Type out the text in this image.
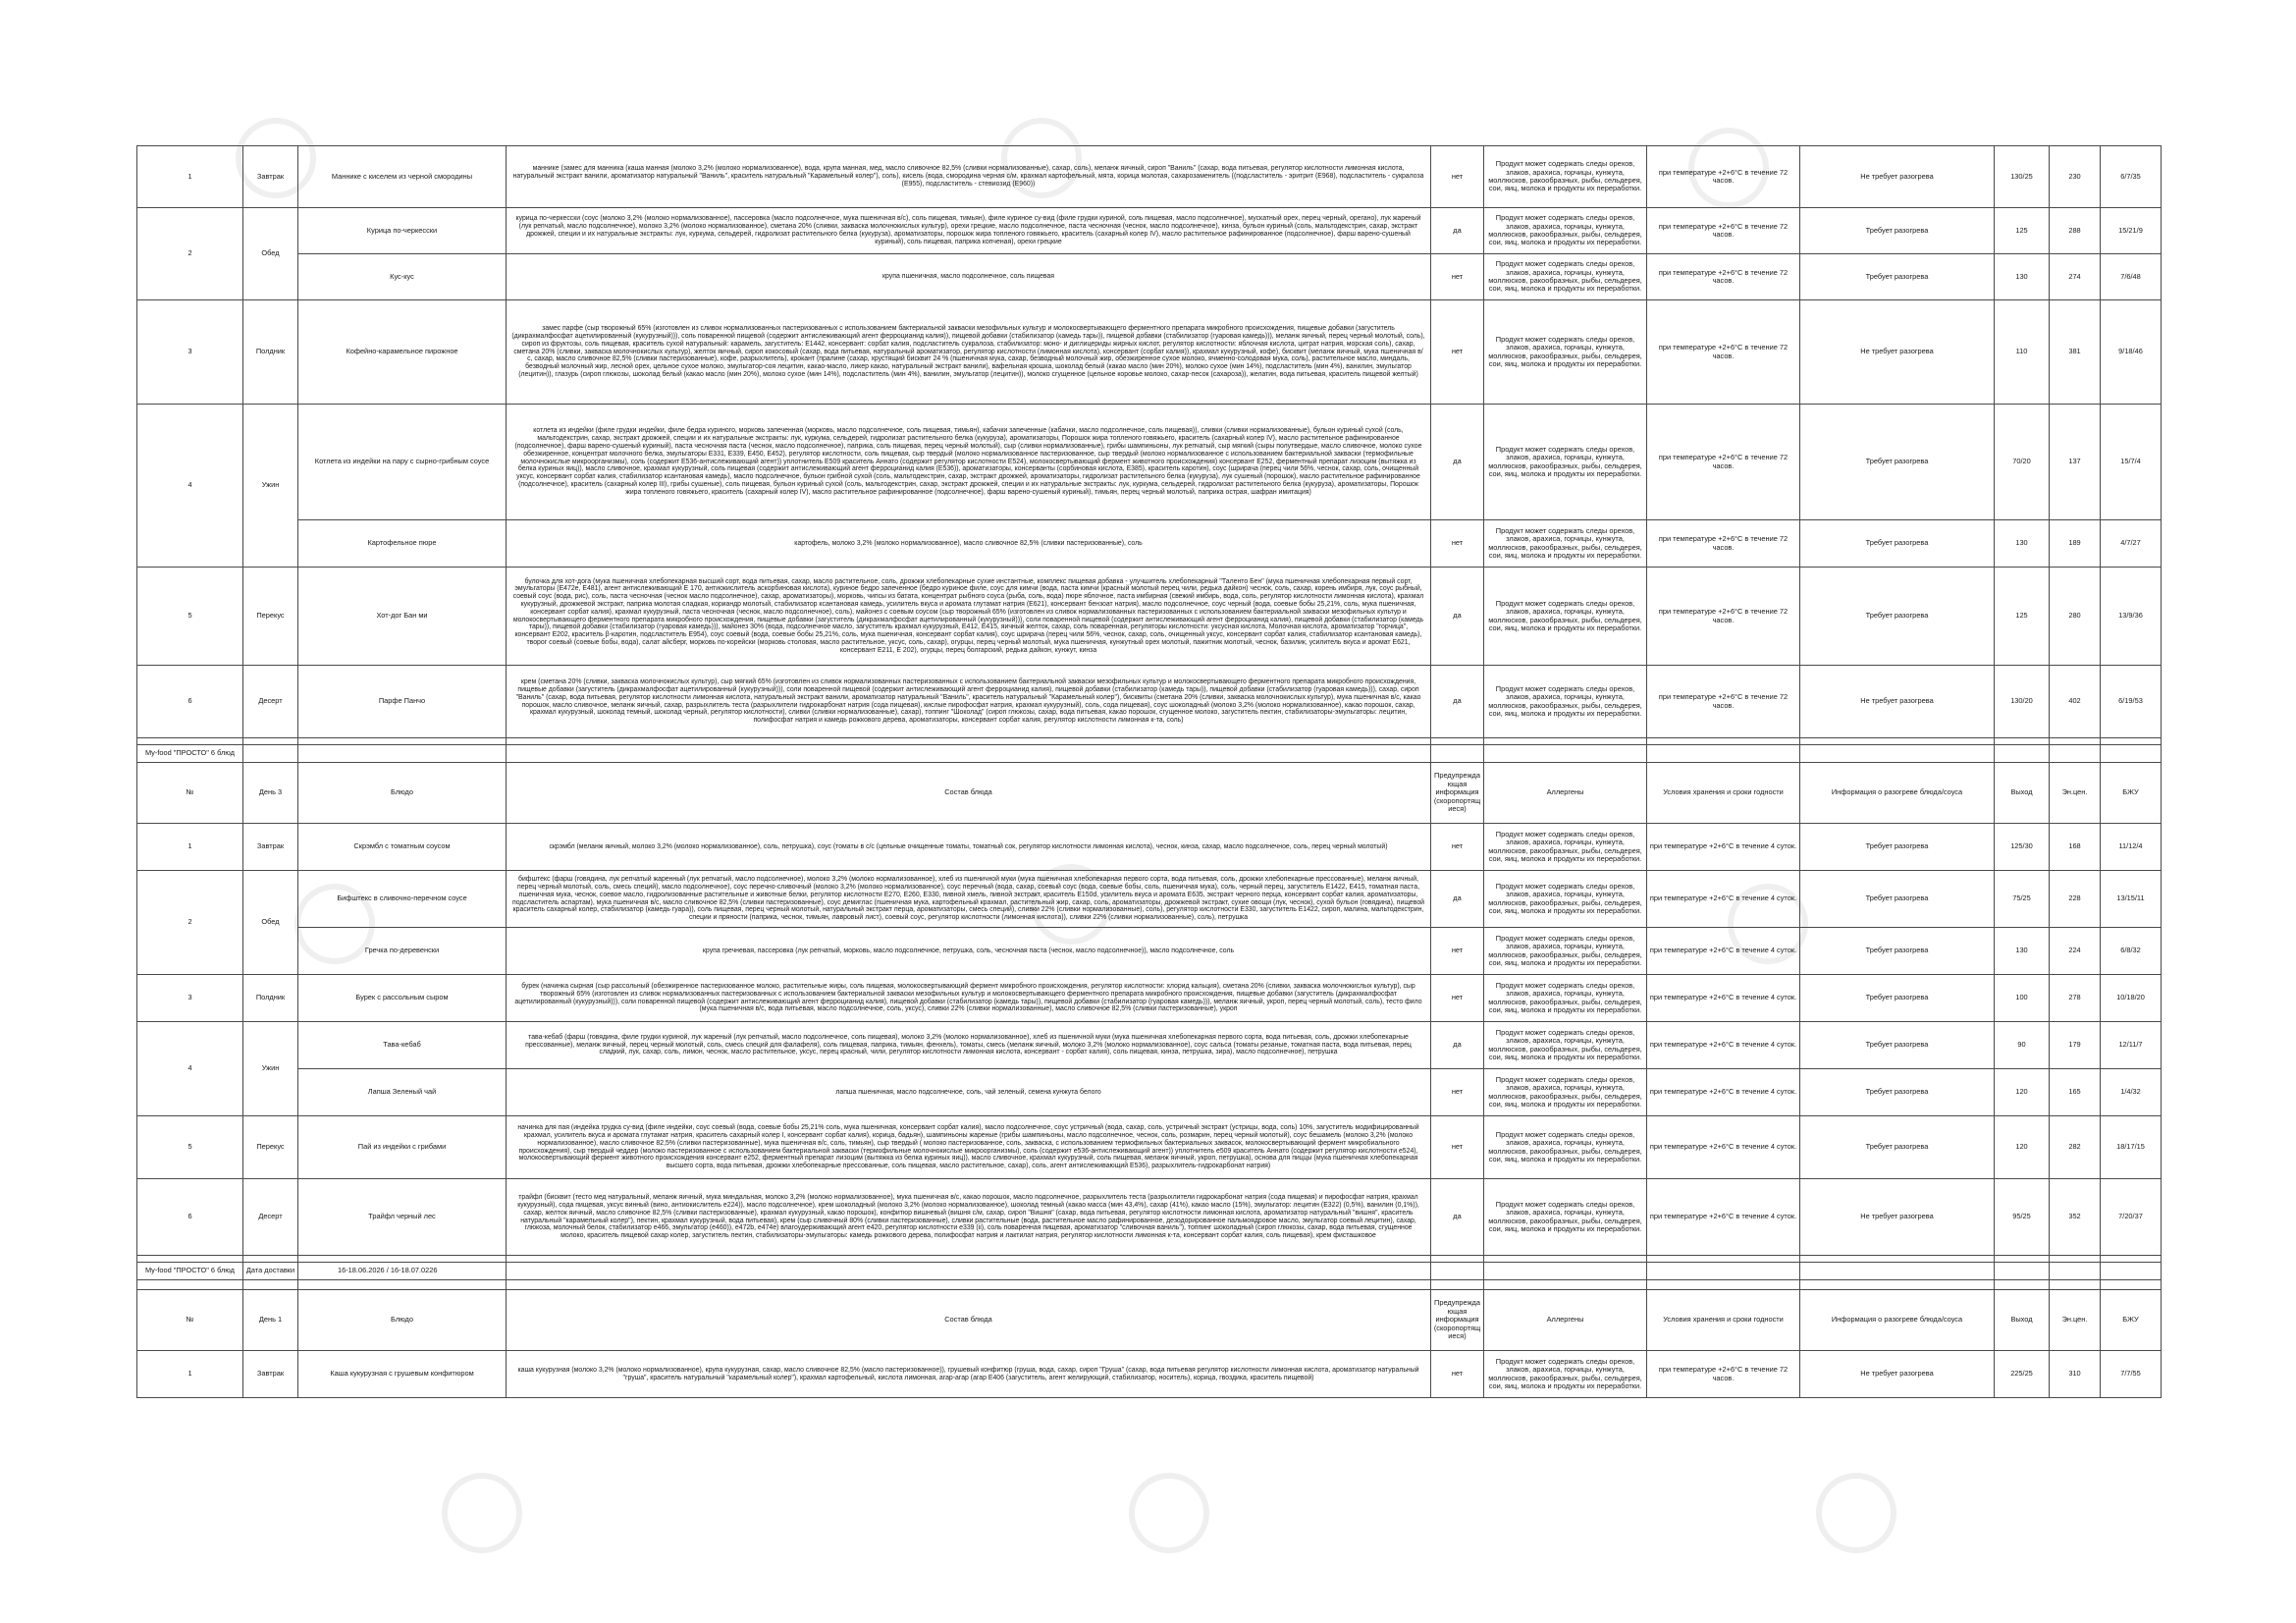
1	Завтрак	Маннике с киселем из черной смородины	маннике (замес для манника (каша манная (молоко 3,2% (молоко нормализованное), вода, крупа манная, мед, масло сливочное 82,5% (сливки нормализованные), сахар, соль), меланж яичный, сироп "Ваниль" (сахар, вода питьевая, регулятор кислотности лимонная кислота, натуральный экстракт ванили, ароматизатор натуральный "Ваниль", краситель натуральный "Карамельный колер"), соль), кисель (вода, смородина черная с/м, крахмал картофельный, мята, корица молотая, сахарозаменитель ((подсластитель - эритрит (Е968), подсластитель - сукралоза (Е955), подсластитель - стевиозид (Е960))	нет	Продукт может содержать следы орехов, злаков, арахиса, горчицы, кунжута, моллюсков, ракообразных, рыбы, сельдерея, сои, яиц, молока и продукты их переработки.	при температуре +2+6°C в течение 72 часов.	Не требует разогрева	130/25	230	6/7/35
2	Обед	Курица по-черкесски	курица по-черкесски (соус (молоко 3,2% (молоко нормализованное), пассеровка (масло подсолнечное, мука пшеничная в/с), соль пищевая, тимьян), филе куриное су-вид (филе грудки куриной, соль пищевая, масло подсолнечное), мускатный орех, перец черный, орегано), лук жареный (лук репчатый, масло подсолнечное), молоко 3,2% (молоко нормализованное), сметана 20% (сливки, закваска молочнокислых культур), орехи грецкие, масло подсолнечное, паста чесночная (чеснок, масло подсолнечное), кинза, бульон куриный (соль, мальтодекстрин, сахар, экстракт дрожжей, специи и их натуральные экстракты: лук, куркума, сельдерей, гидролизат растительного белка (кукуруза), ароматизаторы, порошок жира топленого говяжьего, краситель (сахарный колер IV), масло растительное рафинированное (подсолнечное), фарш варено-сушеный куриный), соль пищевая, паприка копченая), орехи грецкие	да	Продукт может содержать следы орехов, злаков, арахиса, горчицы, кунжута, моллюсков, ракообразных, рыбы, сельдерея, сои, яиц, молока и продукты их переработки.	при температуре +2+6°C в течение 72 часов.	Требует разогрева	125	288	15/21/9
		Кус-кус	крупа пшеничная, масло подсолнечное, соль пищевая	нет	Продукт может содержать следы орехов, злаков, арахиса, горчицы, кунжута, моллюсков, ракообразных, рыбы, сельдерея, сои, яиц, молока и продукты их переработки.	при температуре +2+6°C в течение 72 часов.	Требует разогрева	130	274	7/6/48
3	Полдник	Кофейно-карамельное пирожное	замес парфе (сыр творожный 65% (изготовлен из сливок нормализованных пастеризованных с использованием бактериальной закваски мезофильных культур и молокосвертывающего ферментного препарата микробного происхождения, пищевые добавки (загуститель (дикрахмалфосфат ацетилированный (кукурузный))), соль поваренной пищевой (содержит антислеживающий агент ферроцианид калия)), пищевой добавки (стабилизатор (камедь тары)), пищевой добавки (стабилизатор (гуаровая камедь))), меланж яичный, перец черный молотый, соль), сироп из фруктозы, соль пищевая, краситель сухой натуральный: карамель, загуститель: E1442, консервант: сорбат калия, подсластитель сукралоза, стабилизатор: моно- и диглицериды жирных кислот, регулятор кислотности: яблочная кислота, цитрат натрия, морская соль), сахар, сметана 20% (сливки, закваска молочнокислых культур), желток яичный, сироп кокосовый (сахар, вода питьевая, натуральный ароматизатор, регулятор кислотности (лимонная кислота), консервант (сорбат калия)), крахмал кукурузный, кофе), бисквит (меланж яичный, мука пшеничная в/с, сахар, масло сливочное 82,5% (сливки пастеризованные), кофе, разрыхлитель), крокант (пралине (сахар, хрустящий бисквит 24 % (пшеничная мука, сахар, безводный молочный жир, обезжиренное сухое молоко, ячменно-солодовая мука, соль), растительное масло, миндаль, безводный молочный жир, лесной орех, цельное сухое молоко, эмульгатор-соя лецитин, какао-масло, ликер какао, натуральный экстракт ванили), вафельная крошка, шоколад белый (какао масло (мин 20%), молоко сухое (мин 14%), подсластитель (мин 4%), ванилин, эмульгатор (лецитин)), глазурь (сироп глюкозы, шоколад белый (какао масло (мин 20%), молоко сухое (мин 14%), подсластитель (мин 4%), ванилин, эмульгатор (лецитин)), молоко сгущенное (цельное коровье молоко, сахар-песок (сахароза)), желатин, вода питьевая, краситель пищевой желтый)	нет	Продукт может содержать следы орехов, злаков, арахиса, горчицы, кунжута, моллюсков, ракообразных, рыбы, сельдерея, сои, яиц, молока и продукты их переработки.	при температуре +2+6°C в течение 72 часов.	Не требует разогрева	110	381	9/18/46
4	Ужин	Котлета из индейки на пару с сырно-грибным соусе	котлета из индейки (филе грудки индейки, филе бедра куриного, морковь запеченная (морковь, масло подсолнечное, соль пищевая, тимьян), кабачки запеченные (кабачки, масло подсолнечное, соль пищевая)), сливки (сливки нормализованные), бульон куриный сухой (соль, мальтодекстрин, сахар, экстракт дрожжей, специи и их натуральные экстракты: лук, куркума, сельдерей, гидролизат растительного белка (кукуруза), ароматизаторы, Порошок жира топленого говяжьего, краситель (сахарный колер IV), масло растительное рафинированное (подсолнечное), фарш варено-сушеный куриный), паста чесночная паста (чеснок, масло подсолнечное), паприка, соль пищевая, перец черный молотый), сыр (сливки нормализованные), грибы шампиньоны, лук репчатый, сыр мягкий (сыры полутвердые, масло сливочное, молоко сухое обезжиренное, концентрат молочного белка, эмульгаторы E331, E339, E450, E452), регулятор кислотности, соль пищевая, сыр твердый (молоко нормализованное пастеризованное, сыр твердый (молоко нормализованное с использованием бактериальной закваски (термофильные молочнокислые микроорганизмы), соль (содержит E536-антислеживающий агент)) уплотнитель E509 краситель Аннато (содержит регулятор кислотности E524), молокосвертывающий фермент животного происхождения) консервант E252, ферментный препарат лизоцим (вытяжка из белка куриных яиц)), масло сливочное, крахмал кукурузный, соль пищевая (содержит антислеживающий агент ферроцианид калия (E536)), ароматизаторы, консерванты (сорбиновая кислота, E385), краситель каротин), соус (шрирача (перец чили 56%, чеснок, сахар, соль, очищенный уксус, консервант сорбат калия, стабилизатор ксантановая камедь), масло подсолнечное, бульон грибной сухой (соль, мальтодекстрин, сахар, экстракт дрожжей, ароматизаторы, гидролизат растительного белка (кукуруза), лук сушеный (порошок), масло растительное рафинированное (подсолнечное), краситель (сахарный колер III), грибы сушеные), соль пищевая, бульон куриный сухой (соль, мальтодекстрин, сахар, экстракт дрожжей, специи и их натуральные экстракты: лук, куркума, сельдерей, гидролизат растительного белка (кукуруза), ароматизаторы, Порошок жира топленого говяжьего, краситель (сахарный колер IV), масло растительное рафинированное (подсолнечное), фарш варено-сушеный куриный), тимьян, перец черный молотый, паприка острая, шафран имитация)	да	Продукт может содержать следы орехов, злаков, арахиса, горчицы, кунжута, моллюсков, ракообразных, рыбы, сельдерея, сои, яиц, молока и продукты их переработки.	при температуре +2+6°C в течение 72 часов.	Требует разогрева	70/20	137	15/7/4
		Картофельное пюре	картофель, молоко 3,2% (молоко нормализованное), масло сливочное 82,5% (сливки пастеризованные), соль	нет	Продукт может содержать следы орехов, злаков, арахиса, горчицы, кунжута, моллюсков, ракообразных, рыбы, сельдерея, сои, яиц, молока и продукты их переработки.	при температуре +2+6°C в течение 72 часов.	Требует разогрева	130	189	4/7/27
5	Перекус	Хот-дог Бан ми	булочка для хот-дога (мука пшеничная хлебопекарная высший сорт, вода питьевая, сахар, масло растительное, соль, дрожжи хлебопекарные сухие инстантные, комплекс пищевая добавка - улучшитель хлебопекарный "Таленто Бен" (мука пшеничная хлебопекарная первый сорт, эмульгаторы (E472e, E481), агент антислеживающий E 170, антиокислитель аскорбиновая кислота), куриное бедро запеченное (бедро куриное филе, соус для кимчи (вода, паста кимчи (красный молотый перец чили, редька дайкон) чеснок, соль, сахар, корень имбиря, лук, соус рыбный, соевый соус (вода, рис), соль, паста чесночная (чеснок масло подсолнечное), сахар, ароматизаторы), морковь, чипсы из батата, концентрат рыбного соуса (рыба, соль, вода) пюре яблочное, паста имбирная (свежий имбирь, вода, соль, регулятор кислотности лимонная кислота), крахмал кукурузный, дрожжевой экстракт, паприка молотая сладкая, кориандр молотый, стабилизатор ксантановая камедь, усилитель вкуса и аромата глутамат натрия (E621), консервант бензоат натрия), масло подсолнечное, соус черный (вода, соевые бобы 25,21%, соль, мука пшеничная, консервант сорбат калия), крахмал кукурузный, паста чесночная (чеснок, масло подсолнечное), соль), майонез с соевым соусом (сыр творожный 65% (изготовлен из сливок нормализованных пастеризованных с использованием бактериальной закваски мезофильных культур и молокосвертывающего ферментного препарата микробного происхождения, пищевые добавки (загуститель (дикрахмалфосфат ацетилированный (кукурузный))), соли поваренной пищевой (содержит антислеживающий агент ферроцианид калия), пищевой добавки (стабилизатор (камедь тары)), пищевой добавки (стабилизатор (гуаровая камедь))), майонез 30% (вода, подсолнечное масло, загуститель крахмал кукурузный, E412, E415, яичный желток, сахар, соль поваренная, регуляторы кислотности: уксусная кислота, Молочная кислота, ароматизатор "горчица", консервант E202, краситель β-каротин, подсластитель E954), соус соевый (вода, соевые бобы 25,21%, соль, мука пшеничная, консервант сорбат калия), соус шрирача (перец чили 56%, чеснок, сахар, соль, очищенный уксус, консервант сорбат калия, стабилизатор ксантановая камедь), творог соевый (соевые бобы, вода), салат айсберг, морковь по-корейски (морковь столовая, масло растительное, уксус, соль, сахар), огурцы, перец черный молотый, мука пшеничная, кунжутный орех молотый, пажитник молотый, чеснок, базилик, усилитель вкуса и аромат E621, консервант E211, E 202), огурцы, перец болгарский, редька дайкон, кунжут, кинза	да	Продукт может содержать следы орехов, злаков, арахиса, горчицы, кунжута, моллюсков, ракообразных, рыбы, сельдерея, сои, яиц, молока и продукты их переработки.	при температуре +2+6°C в течение 72 часов.	Требует разогрева	125	280	13/9/36
6	Десерт	Парфе Панчо	крем (сметана 20% (сливки, закваска молочнокислых культур), сыр мягкий 65% (изготовлен из сливок нормализованных пастеризованных с использованием бактериальной закваски мезофильных культур и молокосвертывающего ферментного препарата микробного происхождения, пищевые добавки (загуститель (дикрахмалфосфат ацетилированный (кукурузный))), соли поваренной пищевой (содержит антислеживающий агент ферроцианид калия), пищевой добавки (стабилизатор (камедь тары)), пищевой добавки (стабилизатор (гуаровая камедь))), сахар, сироп "Ваниль" (сахар, вода питьевая, регулятор кислотности лимонная кислота, натуральный экстракт ванили, ароматизатор натуральный "Ваниль", краситель натуральный "Карамельный колер"), бисквиты (сметана 20% (сливки, закваска молочнокислых культур), мука пшеничная в/с, какао порошок, масло сливочное, меланж яичный, сахар, разрыхлитель теста (разрыхлители гидрокарбонат натрия (сода пищевая), кислые пирофосфат натрия, крахмал кукурузный), соль, сода пищевая), соус шоколадный (молоко 3,2% (молоко нормализованное), какао порошок, сахар, крахмал кукурузный, шоколад темный, шоколад черный, регулятор кислотности), сливки (сливки нормализованные), сахар), топпинг "Шоколад" (сироп глюкозы, сахар, вода питьевая, какао порошок, сгущенное молоко, загуститель пектин, стабилизаторы-эмульгаторы: лецитин, полифосфат натрия и камедь рожкового дерева, ароматизаторы, консервант сорбат калия, регулятор кислотности лимонная к-та, соль)	да	Продукт может содержать следы орехов, злаков, арахиса, горчицы, кунжута, моллюсков, ракообразных, рыбы, сельдерея, сои, яиц, молока и продукты их переработки.	при температуре +2+6°C в течение 72 часов.	Не требует разогрева	130/20	402	6/19/53

My-food "ПРОСТО" 6 блюд										
№	День 3	Блюдо	Состав блюда	Предупреждающая информация (скоропортящиеся)	Аллергены	Условия хранения и сроки годности	Информация о разогреве блюда/соуса	Выход	Эн.цен.	БЖУ
1	Завтрак	Скрэмбл с томатным соусом	скрэмбл (меланж яичный, молоко 3,2% (молоко нормализованное), соль, петрушка), соус (томаты в с/с (цельные очищенные томаты, томатный сок, регулятор кислотности лимонная кислота), чеснок, кинза, сахар, масло подсолнечное, соль, перец черный молотый)	нет	Продукт может содержать следы орехов, злаков, арахиса, горчицы, кунжута, моллюсков, ракообразных, рыбы, сельдерея, сои, яиц, молока и продукты их переработки.	при температуре +2+6°C в течение 4 суток.	Требует разогрева	125/30	168	11/12/4
2	Обед	Бифштекс в сливочно-перечном соусе	бифштекс (фарш (говядина, лук репчатый жаренный (лук репчатый, масло подсолнечное), молоко 3,2% (молоко нормализованное), хлеб из пшеничной муки (мука пшеничная хлебопекарная первого сорта, вода питьевая, соль, дрожжи хлебопекарные прессованные), меланж яичный, перец черный молотый, соль, смесь специй), масло подсолнечное), соус перечно-сливочный (молоко 3,2% (молоко нормализованное), соус перечный (вода, сахар, соевый соус (вода, соевые бобы, соль, пшеничная мука), соль, черный перец, загуститель E1422, E415, томатная паста, пшеничная мука, чеснок, соевое масло, гидролизованные растительные и животные белки, регулятор кислотности E270, E260, E330, пивной хмель, пивной экстракт, краситель E150d, усилитель вкуса и аромата E635, экстракт черного перца, консервант сорбат калия, ароматизаторы, подсластитель аспартам), мука пшеничная в/с, масло сливочное 82,5% (сливки пастеризованные), соус демиглас (пшеничная мука, картофельный крахмал, растительный жир, сахар, соль, ароматизаторы, дрожжевой экстракт, сухие овощи (лук, чеснок), сухой бульон (говядина), пищевой краситель сахарный колер, стабилизатор (камедь гуара)), соль пищевая, перец черный молотый, натуральный экстракт перца, ароматизаторы, смесь специй), сливки 22% (сливки нормализованные), соль), регулятор кислотности E330, загуститель E1422, сироп, малина, мальтодекстрин, специи и пряности (паприка, чеснок, тимьян, лавровый лист), соевый соус, регулятор кислотности (лимонная кислота)), сливки 22% (сливки нормализованные), соль), петрушка	да	Продукт может содержать следы орехов, злаков, арахиса, горчицы, кунжута, моллюсков, ракообразных, рыбы, сельдерея, сои, яиц, молока и продукты их переработки.	при температуре +2+6°C в течение 4 суток.	Требует разогрева	75/25	228	13/15/11
		Гречка по-деревенски	крупа гречневая, пассеровка (лук репчатый, морковь, масло подсолнечное, петрушка, соль, чесночная паста (чеснок, масло подсолнечное)), масло подсолнечное, соль	нет	Продукт может содержать следы орехов, злаков, арахиса, горчицы, кунжута, моллюсков, ракообразных, рыбы, сельдерея, сои, яиц, молока и продукты их переработки.	при температуре +2+6°C в течение 4 суток.	Требует разогрева	130	224	6/8/32
3	Полдник	Бурек с рассольным сыром	бурек (начинка сырная (сыр рассольный (обезжиренное пастеризованное молоко, растительные жиры, соль пищевая, молокосвертывающий фермент микробного происхождения, регулятор кислотности: хлорид кальция), сметана 20% (сливки, закваска молочнокислых культур), сыр творожный 65% (изготовлен из сливок нормализованных пастеризованных с использованием бактериальной закваски мезофильных культур и молокосвертывающего ферментного препарата микробного происхождения, пищевые добавки (загуститель (дикрахмалфосфат ацетилированный (кукурузный))), соли поваренной пищевой (содержит антислеживающий агент ферроцианид калия), пищевой добавки (стабилизатор (камедь тары)), пищевой добавки (стабилизатор (гуаровая камедь))), меланж яичный, укроп, перец черный молотый, соль), тесто фило (мука пшеничная в/с, вода питьевая, масло подсолнечное, соль, уксус), сливки 22% (сливки нормализованные), масло сливочное 82,5% (сливки пастеризованные), укроп	нет	Продукт может содержать следы орехов, злаков, арахиса, горчицы, кунжута, моллюсков, ракообразных, рыбы, сельдерея, сои, яиц, молока и продукты их переработки.	при температуре +2+6°C в течение 4 суток.	Требует разогрева	100	278	10/18/20
4	Ужин	Тава-кебаб	тава-кебаб (фарш (говядина, филе грудки куриной, лук жареный (лук репчатый, масло подсолнечное, соль пищевая), молоко 3,2% (молоко нормализованное), хлеб из пшеничной муки (мука пшеничная хлебопекарная первого сорта, вода питьевая, соль, дрожжи хлебопекарные прессованные), меланж яичный, перец черный молотый, соль, смесь специй для фалафеля), соль пищевая, паприка, тимьян, фенхель), томаты, смесь (меланж яичный, молоко 3,2% (молоко нормализованное), соус сальса (томаты резаные, томатная паста, вода питьевая, перец сладкий, лук, сахар, соль, лимон, чеснок, масло растительное, уксус, перец красный, чили, регулятор кислотности лимонная кислота, консервант - сорбат калия), соль пищевая, кинза, петрушка, зира), масло подсолнечное), петрушка	да	Продукт может содержать следы орехов, злаков, арахиса, горчицы, кунжута, моллюсков, ракообразных, рыбы, сельдерея, сои, яиц, молока и продукты их переработки.	при температуре +2+6°C в течение 4 суток.	Требует разогрева	90	179	12/11/7
		Лапша Зеленый чай	лапша пшеничная, масло подсолнечное, соль, чай зеленый, семена кунжута белого	нет	Продукт может содержать следы орехов, злаков, арахиса, горчицы, кунжута, моллюсков, ракообразных, рыбы, сельдерея, сои, яиц, молока и продукты их переработки.	при температуре +2+6°C в течение 4 суток.	Требует разогрева	120	165	1/4/32
5	Перекус	Пай из индейки с грибами	начинка для пая (индейка грудка су-вид (филе индейки, соус соевый (вода, соевые бобы 25,21% соль, мука пшеничная, консервант сорбат калия), масло подсолнечное, соус устричный (вода, сахар, соль, устричный экстракт (устрицы, вода, соль) 10%, загуститель модифицированный крахмал, усилитель вкуса и аромата глутамат натрия, краситель сахарный колер I, консервант сорбат калия), корица, бадьян), шампиньоны жареные (грибы шампиньоны, масло подсолнечное, чеснок, соль, розмарин, перец черный молотый), соус бешамель (молоко 3,2% (молоко нормализованное), масло сливочное 82,5% (сливки пастеризованные), мука пшеничная в/с, соль, тимьян), сыр твердый ( молоко пастеризованное, соль, закваска, с использованием термофильных бактериальных заквасок, молокосвертывающий фермент микробиального происхождения), сыр твердый чеддер (молоко пастеризованное с использованием бактериальной закваски (термофильные молочнокислые микроорганизмы), соль (содержит e536-антислеживающий агент)) уплотнитель e509 краситель Аннато (содержит регулятор кислотности e524), молокосвертывающий фермент животного происхождения консервант e252, ферментный препарат лизоцим (вытяжка из белка куриных яиц)), масло сливочное, крахмал кукурузный, соль пищевая, меланж яичный, укроп, петрушка), основа для пиццы (мука пшеничная хлебопекарная высшего сорта, вода питьевая, дрожжи хлебопекарные прессованные, соль пищевая, масло растительное, сахар), соль, агент антислеживающий Е536), разрыхлитель-гидрокарбонат натрия)	нет	Продукт может содержать следы орехов, злаков, арахиса, горчицы, кунжута, моллюсков, ракообразных, рыбы, сельдерея, сои, яиц, молока и продукты их переработки.	при температуре +2+6°C в течение 4 суток.	Требует разогрева	120	282	18/17/15
6	Десерт	Трайфл черный лес	трайфл (бисквит (тесто мед натуральный, меланж яичный, мука миндальная, молоко 3,2% (молоко нормализованное), мука пшеничная в/с, какао порошок, масло подсолнечное, разрыхлитель теста (разрыхлители гидрокарбонат натрия (сода пищевая) и пирофосфат натрия, крахмал кукурузный), сода пищевая, уксус винный (вино, антиокислитель е224)), масло подсолнечное), крем шоколадный (молоко 3,2% (молоко нормализованное), шоколад темный (какао масса (мин 43,4%), сахар (41%), какао масло (15%), эмульгатор: лецитин (E322) (0,5%), ванилин (0,1%)), сахар, желток яичный, масло сливочное 82,5% (сливки пастеризованные), крахмал кукурузный, какао порошок), конфитюр вишневый (вишня с/м, сахар, сироп "Вишня" (сахар, вода питьевая, регулятор кислотности лимонная кислота, ароматизатор натуральный "вишня", краситель натуральный "карамельный колер"), пектин, крахмал кукурузный, вода питьевая), крем (сыр сливочный 80% (сливки пастеризованные), сливки растительные (вода, растительное масло рафинированное, дезодорированное пальмоядровое масло, эмульгатор соевый лецитин), сахар, глюкоза, молочный белок, стабилизатор е466, эмульгатор (е460)), е472b, е474е) влагоудерживающий агент е420, регулятор кислотности е339 (ii), соль поваренная пищевая, ароматизатор "сливочная ваниль"), топпинг шоколадный (сироп глюкозы, сахар, вода питьевая, сгущенное молоко, краситель пищевой сахар колер, загуститель пектин, стабилизаторы-эмульгаторы: камедь рожкового дерева, полифосфат натрия и лактилат натрия, регулятор кислотности лимонная к-та, консервант сорбат калия, соль пищевая), крем фисташковое	да	Продукт может содержать следы орехов, злаков, арахиса, горчицы, кунжута, моллюсков, ракообразных, рыбы, сельдерея, сои, яиц, молока и продукты их переработки.	при температуре +2+6°C в течение 4 суток.	Не требует разогрева	95/25	352	7/20/37

My-food "ПРОСТО" 6 блюд	Дата доставки	16-18.06.2026 / 16-18.07.0226								

№	День 1	Блюдо	Состав блюда	Предупреждающая информация (скоропортящиеся)	Аллергены	Условия хранения и сроки годности	Информация о разогреве блюда/соуса	Выход	Эн.цен.	БЖУ
1	Завтрак	Каша кукурузная с грушевым конфитюром	каша кукурузная (молоко 3,2% (молоко нормализованное), крупа кукурузная, сахар, масло сливочное 82,5% (масло пастеризованное)), грушевый конфитюр (груша, вода, сахар, сироп "Груша" (сахар, вода питьевая регулятор кислотности лимонная кислота, ароматизатор натуральный "груша", краситель натуральный "карамельный колер"), крахмал картофельный, кислота лимонная, агар-агар (агар Е406 (загуститель, агент желирующий, стабилизатор, носитель), корица, гвоздика, краситель пищевой)	нет	Продукт может содержать следы орехов, злаков, арахиса, горчицы, кунжута, моллюсков, ракообразных, рыбы, сельдерея, сои, яиц, молока и продукты их переработки.	при температуре +2+6°C в течение 72 часов.	Не требует разогрева	225/25	310	7/7/55
